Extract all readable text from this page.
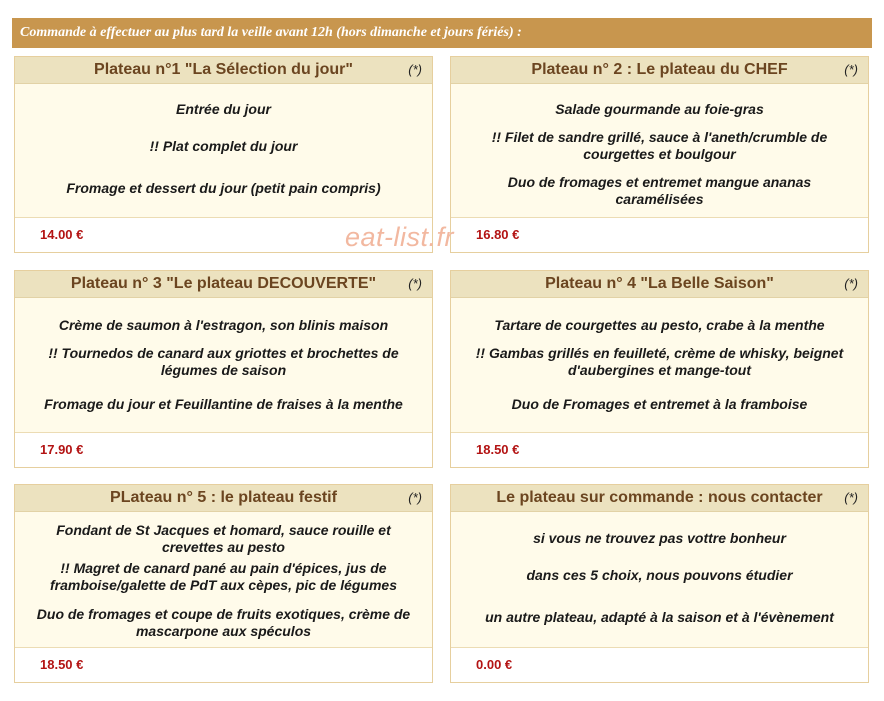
Commande à effectuer au plus tard la veille avant 12h (hors dimanche et jours fériés) :
Plateau n°1 "La Sélection du jour"	(*)
Entrée du jour
!! Plat complet du jour
Fromage et dessert du jour (petit pain compris)
14.00 €
Plateau n° 2 : Le plateau du CHEF	(*)
Salade gourmande au foie-gras
!! Filet de sandre grillé, sauce à l'aneth/crumble de
courgettes et boulgour
Duo de fromages et entremet mangue ananas
caramélisées
16.80 €
Plateau n° 3 "Le plateau DECOUVERTE"	(*)
Crème de saumon à l'estragon, son blinis maison
!! Tournedos de canard aux griottes et brochettes de
légumes de saison
Fromage du jour et Feuillantine de fraises à la menthe
17.90 €
Plateau n° 4 "La Belle Saison"	(*)
Tartare de courgettes au pesto, crabe à la menthe
!! Gambas grillés en feuilleté, crème de whisky, beignet
d'aubergines et mange-tout
Duo de Fromages et entremet à la framboise
18.50 €
PLateau n° 5 : le plateau festif	(*)
Fondant de St Jacques et homard, sauce rouille et
crevettes au pesto
!! Magret de canard pané au pain d'épices, jus de
framboise/galette de PdT aux cèpes, pic de légumes
Duo de fromages et coupe de fruits exotiques, crème de
mascarpone aux spéculos
18.50 €
Le plateau sur commande : nous contacter	(*)
si vous ne trouvez pas vottre bonheur
dans ces 5 choix, nous pouvons étudier
un autre plateau, adapté à la saison et à l'évènement
0.00 €
eat-list.fr
